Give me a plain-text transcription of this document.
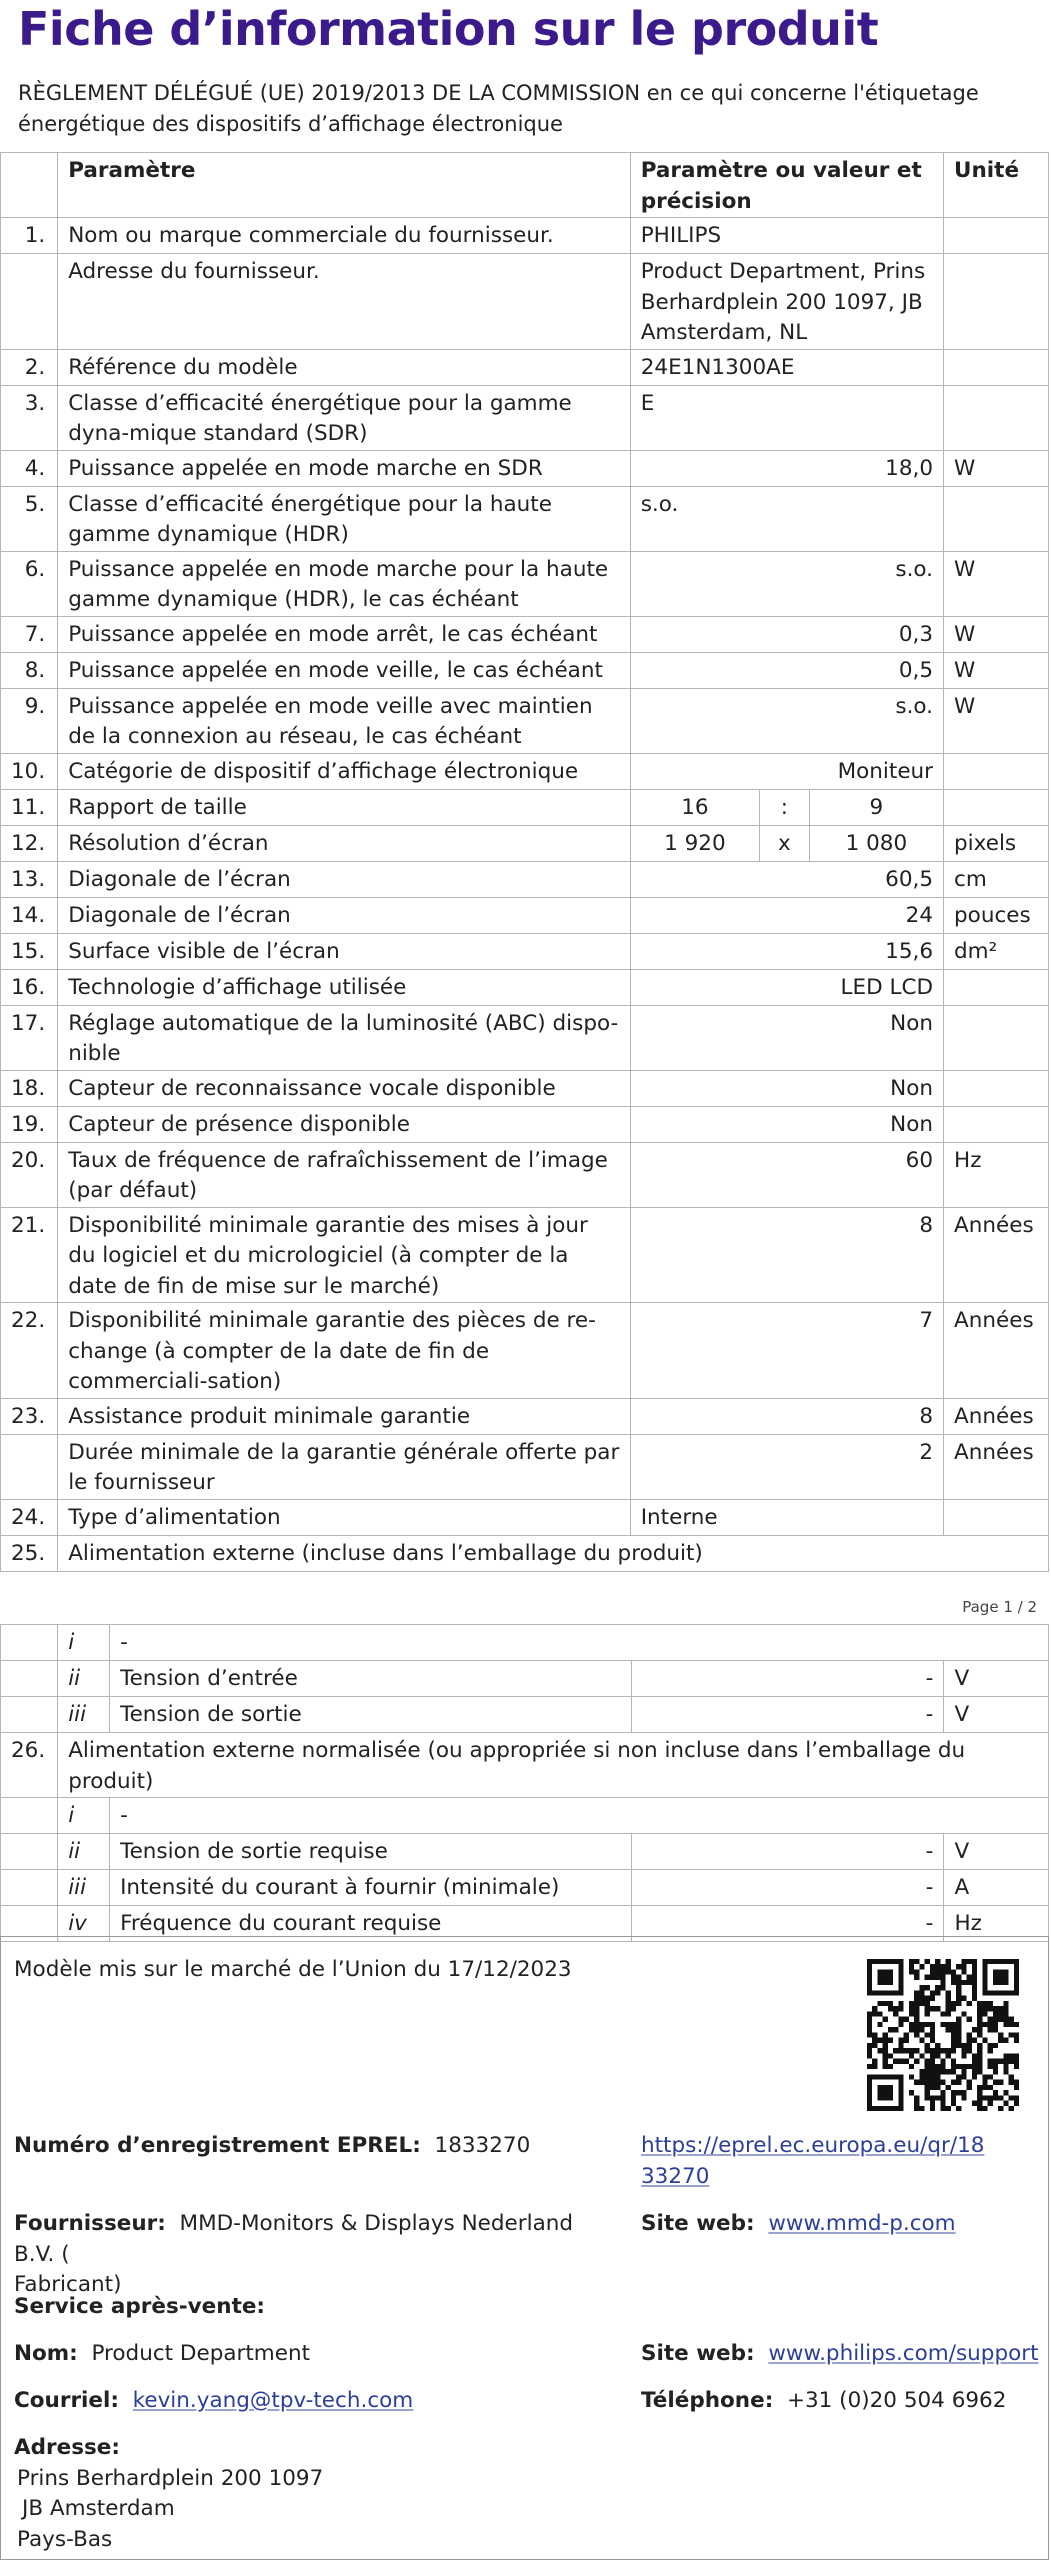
Fiche d’information sur le produit
RÈGLEMENT DÉLÉGUÉ (UE) 2019/2013 DE LA COMMISSION en ce qui concerne l'étiquetage énergétique des dispositifs d’affichage électronique
	Paramètre	Paramètre ou valeur et précision			Unité
1.	Nom ou marque commerciale du fournisseur.	PHILIPS			
	Adresse du fournisseur.	Product Department, Prins Berhardplein 200 1097, JB Amsterdam, NL			
2.	Référence du modèle	24E1N1300AE			
3.	Classe d’efficacité énergétique pour la gamme dyna-mique standard (SDR)	E			
4.	Puissance appelée en mode marche en SDR	18,0			W
5.	Classe d’efficacité énergétique pour la haute gamme dynamique (HDR)	s.o.			
6.	Puissance appelée en mode marche pour la haute gamme dynamique (HDR), le cas échéant	s.o.			W
7.	Puissance appelée en mode arrêt, le cas échéant	0,3			W
8.	Puissance appelée en mode veille, le cas échéant	0,5			W
9.	Puissance appelée en mode veille avec maintien de la connexion au réseau, le cas échéant	s.o.			W
10.	Catégorie de dispositif d’affichage électronique	Moniteur			
11.	Rapport de taille	16	:	9	
12.	Résolution d’écran	1 920	x	1 080	pixels
13.	Diagonale de l’écran	60,5			cm
14.	Diagonale de l’écran	24			pouces
15.	Surface visible de l’écran	15,6			dm²
16.	Technologie d’affichage utilisée	LED LCD			
17.	Réglage automatique de la luminosité (ABC) dispo-nible	Non			
18.	Capteur de reconnaissance vocale disponible	Non			
19.	Capteur de présence disponible	Non			
20.	Taux de fréquence de rafraîchissement de l’image (par défaut)	60			Hz
21.	Disponibilité minimale garantie des mises à jour du logiciel et du micrologiciel (à compter de la date de fin de mise sur le marché)	8			Années
22.	Disponibilité minimale garantie des pièces de re-change (à compter de la date de fin de commerciali-sation)	7			Années
23.	Assistance produit minimale garantie	8			Années
	Durée minimale de la garantie générale offerte par le fournisseur	2			Années
24.	Type d’alimentation	Interne			
25.	Alimentation externe (incluse dans l’emballage du produit)				
Page 1 / 2
	i	-		
	ii	Tension d’entrée	-	V
	iii	Tension de sortie	-	V
26.	Alimentation externe normalisée (ou appropriée si non incluse dans l’emballage du produit)			
	i	-		
	ii	Tension de sortie requise	-	V
	iii	Intensité du courant à fournir (minimale)	-	A
	iv	Fréquence du courant requise	-	Hz
Modèle mis sur le marché de l’Union du 17/12/2023
Numéro d’enregistrement EPREL: 1833270	https://eprel.ec.europa.eu/qr/18
33270
Fournisseur: MMD-Monitors & Displays Nederland B.V. (
Fabricant)
Site web: www.mmd-p.com
Service après-vente:
Nom: Product Department	Site web: www.philips.com/support
Courriel: kevin.yang@tpv-tech.com	Téléphone: +31 (0)20 504 6962
Adresse:
Prins Berhardplein 200 1097
JB Amsterdam
Pays-Bas
